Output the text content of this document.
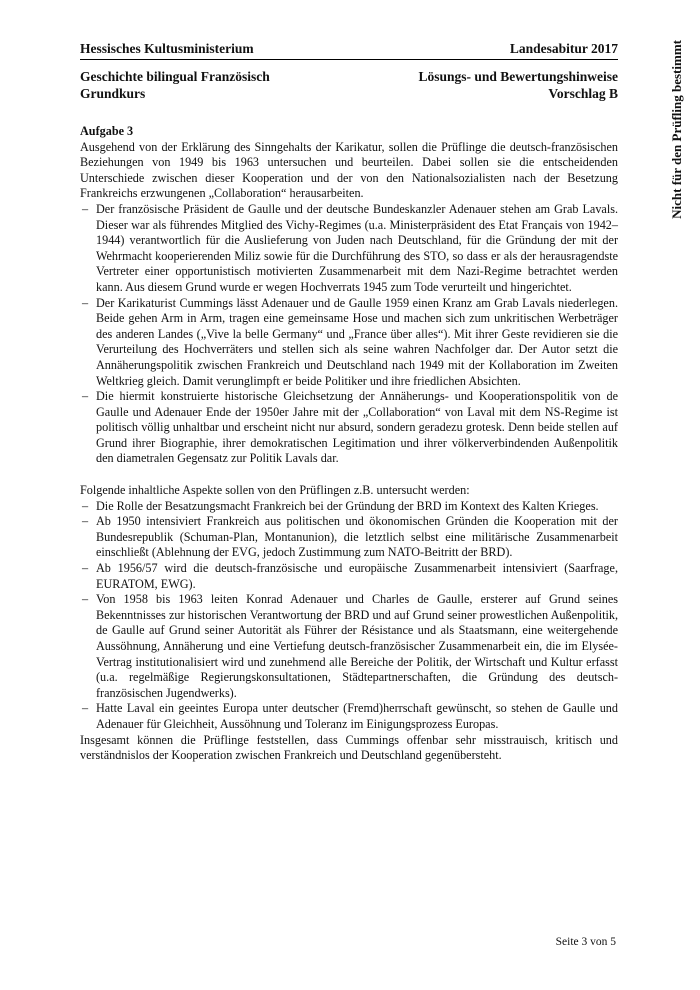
Hessisches Kultusministerium	Landesabitur 2017
Geschichte bilingual Französisch	Lösungs- und Bewertungshinweise
Grundkurs	Vorschlag B
Aufgabe 3
Ausgehend von der Erklärung des Sinngehalts der Karikatur, sollen die Prüflinge die deutsch-französischen Beziehungen von 1949 bis 1963 untersuchen und beurteilen. Dabei sollen sie die entscheidenden Unterschiede zwischen dieser Kooperation und der von den Nationalsozialisten nach der Besetzung Frankreichs erzwungenen „Collaboration“ herausarbeiten.
– Der französische Präsident de Gaulle und der deutsche Bundeskanzler Adenauer stehen am Grab Lavals. Dieser war als führendes Mitglied des Vichy-Regimes (u.a. Ministerpräsident des Etat Français von 1942–1944) verantwortlich für die Auslieferung von Juden nach Deutschland, für die Gründung der mit der Wehrmacht kooperierenden Miliz sowie für die Durchführung des STO, so dass er als der herausragendste Vertreter einer opportunistisch motivierten Zusammenarbeit mit dem Nazi-Regime betrachtet werden kann. Aus diesem Grund wurde er wegen Hochverrats 1945 zum Tode verurteilt und hingerichtet.
– Der Karikaturist Cummings lässt Adenauer und de Gaulle 1959 einen Kranz am Grab Lavals niederlegen. Beide gehen Arm in Arm, tragen eine gemeinsame Hose und machen sich zum unkritischen Werbeträger des anderen Landes („Vive la belle Germany“ und „France über alles“). Mit ihrer Geste revidieren sie die Verurteilung des Hochverräters und stellen sich als seine wahren Nachfolger dar. Der Autor setzt die Annäherungspolitik zwischen Frankreich und Deutschland nach 1949 mit der Kollaboration im Zweiten Weltkrieg gleich. Damit verunglimpft er beide Politiker und ihre friedlichen Absichten.
– Die hiermit konstruierte historische Gleichsetzung der Annäherungs- und Kooperationspolitik von de Gaulle und Adenauer Ende der 1950er Jahre mit der „Collaboration“ von Laval mit dem NS-Regime ist politisch völlig unhaltbar und erscheint nicht nur absurd, sondern geradezu grotesk. Denn beide stellen auf Grund ihrer Biographie, ihrer demokratischen Legitimation und ihrer völkerverbindenden Außenpolitik den diametralen Gegensatz zur Politik Lavals dar.
Folgende inhaltliche Aspekte sollen von den Prüflingen z.B. untersucht werden:
– Die Rolle der Besatzungsmacht Frankreich bei der Gründung der BRD im Kontext des Kalten Krieges.
– Ab 1950 intensiviert Frankreich aus politischen und ökonomischen Gründen die Kooperation mit der Bundesrepublik (Schuman-Plan, Montanunion), die letztlich selbst eine militärische Zusammenarbeit einschließt (Ablehnung der EVG, jedoch Zustimmung zum NATO-Beitritt der BRD).
– Ab 1956/57 wird die deutsch-französische und europäische Zusammenarbeit intensiviert (Saarfrage, EURATOM, EWG).
– Von 1958 bis 1963 leiten Konrad Adenauer und Charles de Gaulle, ersterer auf Grund seines Bekenntnisses zur historischen Verantwortung der BRD und auf Grund seiner prowestlichen Außenpolitik, de Gaulle auf Grund seiner Autorität als Führer der Résistance und als Staatsmann, eine weitergehende Aussöhnung, Annäherung und eine Vertiefung deutsch-französischer Zusammenarbeit ein, die im Elysée-Vertrag institutionalisiert wird und zunehmend alle Bereiche der Politik, der Wirtschaft und Kultur erfasst (u.a. regelmäßige Regierungskonsultationen, Städtepartnerschaften, die Gründung des deutsch-französischen Jugendwerks).
– Hatte Laval ein geeintes Europa unter deutscher (Fremd)herrschaft gewünscht, so stehen de Gaulle und Adenauer für Gleichheit, Aussöhnung und Toleranz im Einigungsprozess Europas.
Insgesamt können die Prüflinge feststellen, dass Cummings offenbar sehr misstrauisch, kritisch und verständnislos der Kooperation zwischen Frankreich und Deutschland gegenübersteht.
Nicht für den Prüfling bestimmt
Seite 3 von 5
